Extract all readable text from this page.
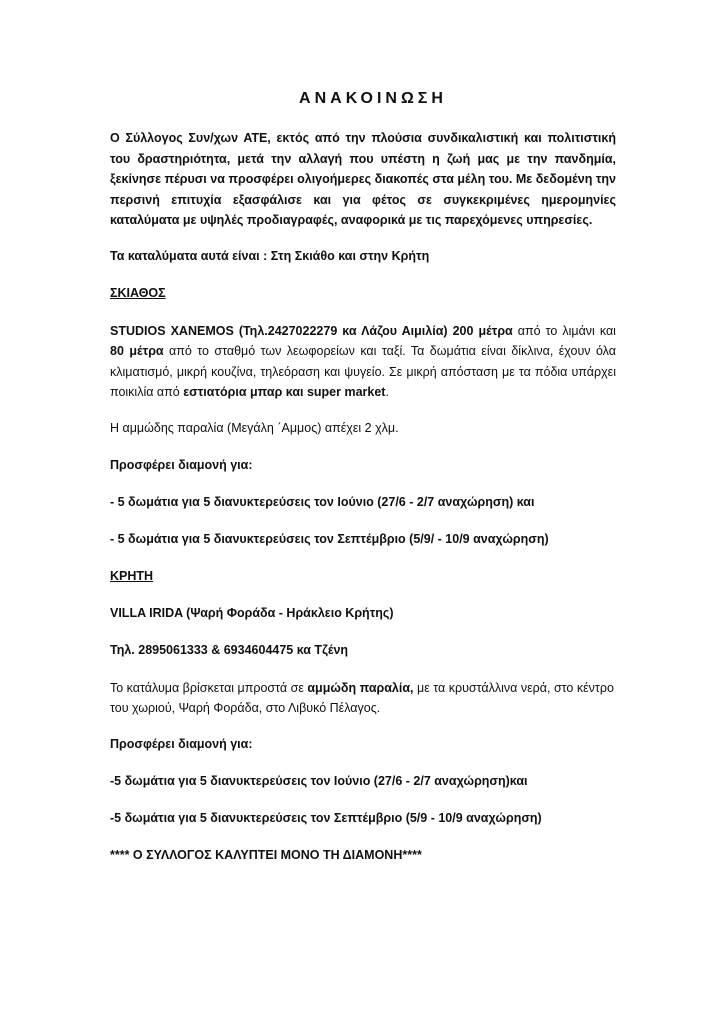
ΑΝΑΚΟΙΝΩΣΗ

Ο Σύλλογος Συν/χων ΑΤΕ, εκτός από την πλούσια συνδικαλιστική και πολιτιστική του δραστηριότητα, μετά την αλλαγή που υπέστη η ζωή μας με την πανδημία, ξεκίνησε πέρυσι να προσφέρει ολιγοήμερες διακοπές στα μέλη του. Με δεδομένη την περσινή επιτυχία εξασφάλισε και για φέτος σε συγκεκριμένες ημερομηνίες καταλύματα με υψηλές προδιαγραφές, αναφορικά με τις παρεχόμενες υπηρεσίες.

Τα καταλύματα αυτά είναι : Στη Σκιάθο και στην Κρήτη

ΣΚΙΑΘΟΣ

STUDIOS XANEMOS (Τηλ.2427022279 κα Λάζου Αιμιλία) 200 μέτρα από το λιμάνι και 80 μέτρα από το σταθμό των λεωφορείων και ταξί. Τα δωμάτια είναι δίκλινα, έχουν όλα κλιματισμό, μικρή κουζίνα, τηλεόραση και ψυγείο. Σε μικρή απόσταση με τα πόδια υπάρχει ποικιλία από εστιατόρια μπαρ και super market.

Η αμμώδης παραλία (Μεγάλη ΄Αμμος) απέχει 2 χλμ.

Προσφέρει διαμονή για:

- 5 δωμάτια για 5 διανυκτερεύσεις τον Ιούνιο (27/6 - 2/7 αναχώρηση) και

- 5 δωμάτια για 5 διανυκτερεύσεις τον Σεπτέμβριο (5/9/ - 10/9 αναχώρηση)

ΚΡΗΤΗ

VILLA IRIDA (Ψαρή Φοράδα - Ηράκλειο Κρήτης)

Τηλ. 2895061333 & 6934604475 κα Τζένη

Το κατάλυμα βρίσκεται μπροστά σε αμμώδη παραλία, με τα κρυστάλλινα νερά, στο κέντρο του χωριού, Ψαρή Φοράδα, στο Λιβυκό Πέλαγος.

Προσφέρει διαμονή για:

-5 δωμάτια για 5 διανυκτερεύσεις τον Ιούνιο (27/6 - 2/7 αναχώρηση)και

-5 δωμάτια για 5 διανυκτερεύσεις τον Σεπτέμβριο (5/9 - 10/9 αναχώρηση)

**** Ο ΣΥΛΛΟΓΟΣ ΚΑΛΥΠΤΕΙ ΜΟΝΟ ΤΗ ΔΙΑΜΟΝΗ****
